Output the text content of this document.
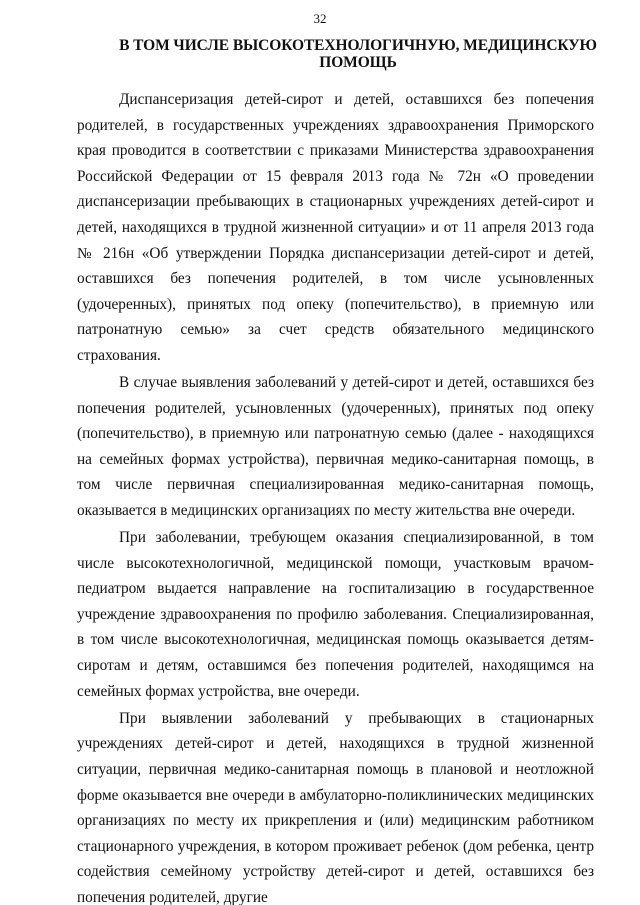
32
В ТОМ ЧИСЛЕ ВЫСОКОТЕХНОЛОГИЧНУЮ, МЕДИЦИНСКУЮ ПОМОЩЬ

Диспансеризация детей-сирот и детей, оставшихся без попечения родителей, в государственных учреждениях здравоохранения Приморского края проводится в соответствии с приказами Министерства здравоохранения Российской Федерации от 15 февраля 2013 года № 72н «О проведении диспансеризации пребывающих в стационарных учреждениях детей-сирот и детей, находящихся в трудной жизненной ситуации» и от 11 апреля 2013 года № 216н «Об утверждении Порядка диспансеризации детей-сирот и детей, оставшихся без попечения родителей, в том числе усыновленных (удочеренных), принятых под опеку (попечительство), в приемную или патронатную семью» за счет средств обязательного медицинского страхования.

В случае выявления заболеваний у детей-сирот и детей, оставшихся без попечения родителей, усыновленных (удочеренных), принятых под опеку (попечительство), в приемную или патронатную семью (далее - находящихся на семейных формах устройства), первичная медико-санитарная помощь, в том числе первичная специализированная медико-санитарная помощь, оказывается в медицинских организациях по месту жительства вне очереди.

При заболевании, требующем оказания специализированной, в том числе высокотехнологичной, медицинской помощи, участковым врачом-педиатром выдается направление на госпитализацию в государственное учреждение здравоохранения по профилю заболевания. Специализированная, в том числе высокотехнологичная, медицинская помощь оказывается детям-сиротам и детям, оставшимся без попечения родителей, находящимся на семейных формах устройства, вне очереди.

При выявлении заболеваний у пребывающих в стационарных учреждениях детей-сирот и детей, находящихся в трудной жизненной ситуации, первичная медико-санитарная помощь в плановой и неотложной форме оказывается вне очереди в амбулаторно-поликлинических медицинских организациях по месту их прикрепления и (или) медицинским работником стационарного учреждения, в котором проживает ребенок (дом ребенка, центр содействия семейному устройству детей-сирот и детей, оставшихся без попечения родителей, другие
